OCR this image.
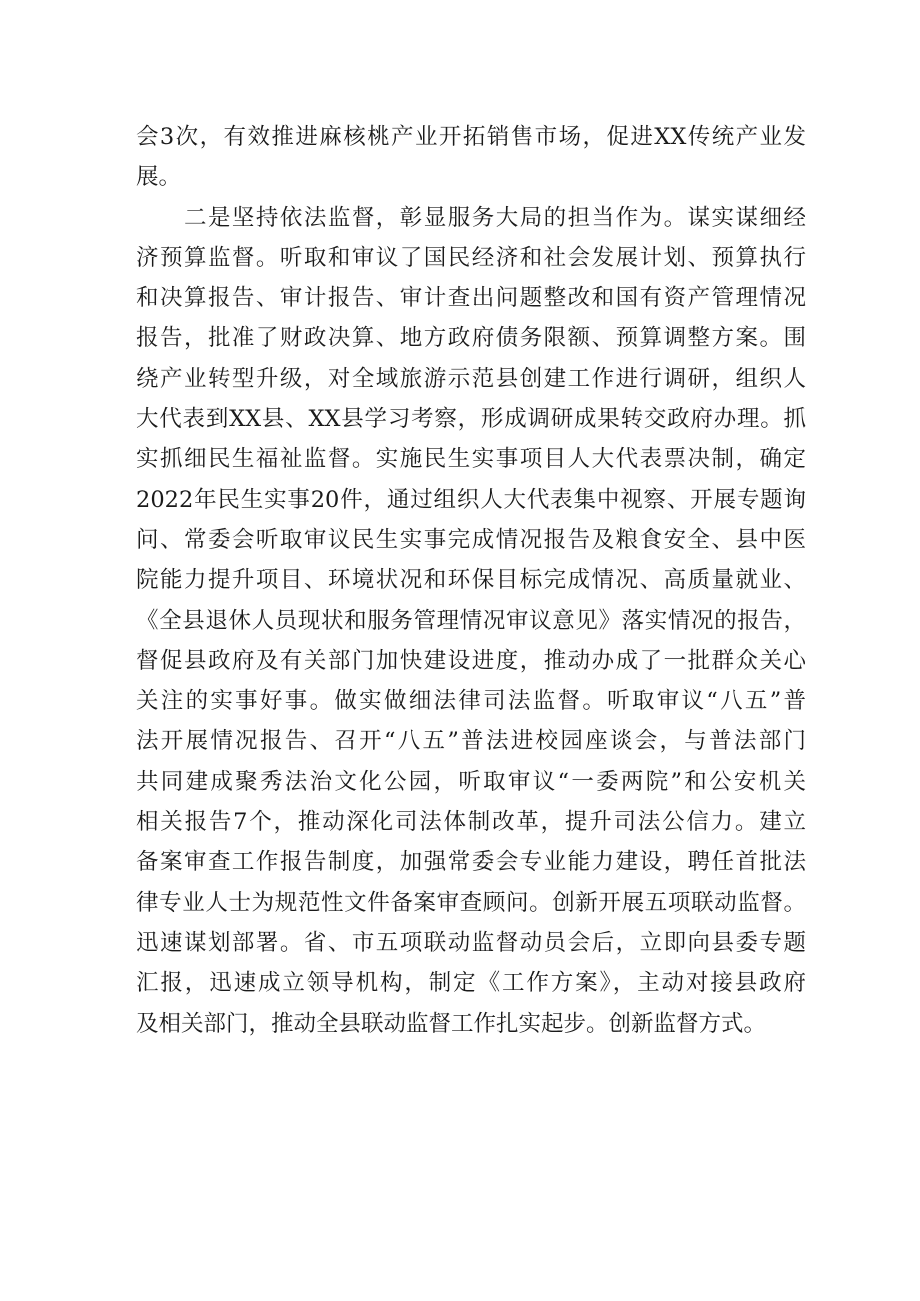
会3次，有效推进麻核桃产业开拓销售市场，促进XX传统产业发
展。
　　二是坚持依法监督，彰显服务大局的担当作为。谋实谋细经
济预算监督。听取和审议了国民经济和社会发展计划、预算执行
和决算报告、审计报告、审计查出问题整改和国有资产管理情况
报告，批准了财政决算、地方政府债务限额、预算调整方案。围
绕产业转型升级，对全域旅游示范县创建工作进行调研，组织人
大代表到XX县、XX县学习考察，形成调研成果转交政府办理。抓
实抓细民生福祉监督。实施民生实事项目人大代表票决制，确定
2022年民生实事20件，通过组织人大代表集中视察、开展专题询
问、常委会听取审议民生实事完成情况报告及粮食安全、县中医
院能力提升项目、环境状况和环保目标完成情况、高质量就业、
《全县退休人员现状和服务管理情况审议意见》落实情况的报告，
督促县政府及有关部门加快建设进度，推动办成了一批群众关心
关注的实事好事。做实做细法律司法监督。听取审议“八五”普
法开展情况报告、召开“八五”普法进校园座谈会，与普法部门
共同建成聚秀法治文化公园，听取审议“一委两院”和公安机关
相关报告7个，推动深化司法体制改革，提升司法公信力。建立
备案审查工作报告制度，加强常委会专业能力建设，聘任首批法
律专业人士为规范性文件备案审查顾问。创新开展五项联动监督。
迅速谋划部署。省、市五项联动监督动员会后，立即向县委专题
汇报，迅速成立领导机构，制定《工作方案》，主动对接县政府
及相关部门，推动全县联动监督工作扎实起步。创新监督方式。
